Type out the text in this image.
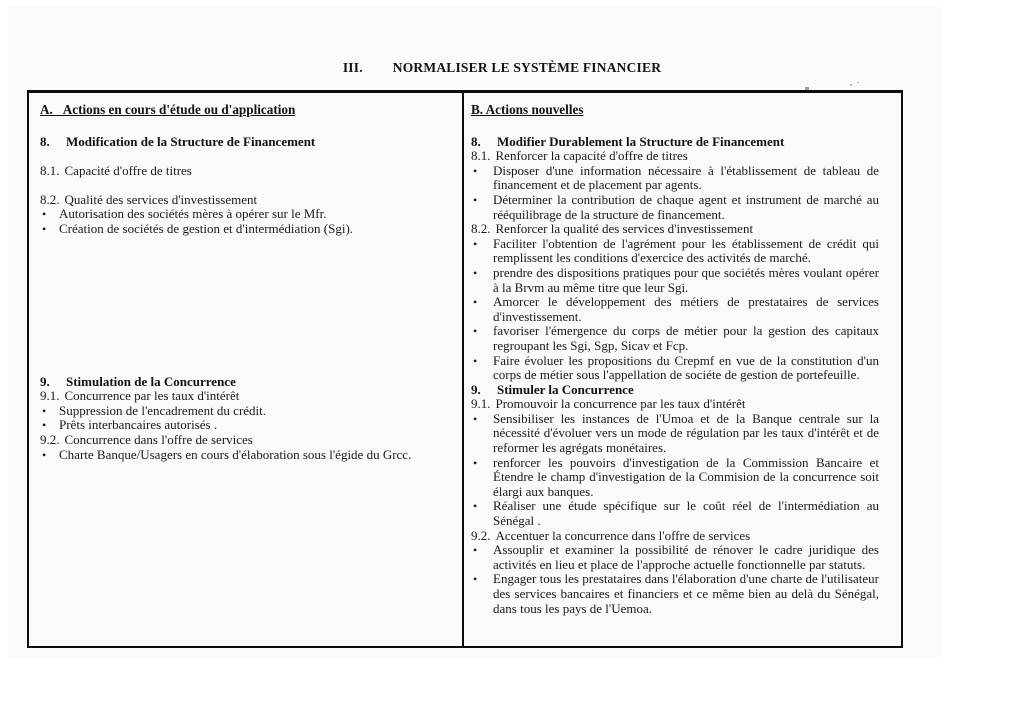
III. NORMALISER LE SYSTÈME FINANCIER
A.   Actions en cours d'étude ou d'application
8. Modification de la Structure de Financement
8.1. Capacité d'offre de titres
8.2. Qualité des services d'investissement
• Autorisation des sociétés mères à opérer sur le Mfr.
• Création de sociétés de gestion et d'intermédiation (Sgi).
9. Stimulation de la Concurrence
9.1. Concurrence par les taux d'intérêt
• Suppression de l'encadrement du crédit.
• Prêts interbancaires autorisés .
9.2. Concurrence dans l'offre de services
• Charte Banque/Usagers en cours d'élaboration sous l'égide du Grcc.
B. Actions nouvelles
8. Modifier Durablement la Structure de Financement
8.1. Renforcer la capacité d'offre de titres
•	Disposer d'une information nécessaire à l'établissement de tableau de financement et de placement par agents.
•	Déterminer la contribution de chaque agent et instrument de marché au rééquilibrage de la structure de financement.
8.2. Renforcer la qualité des services d'investissement
•	Faciliter l'obtention de l'agrément pour les établissement de crédit qui remplissent les conditions d'exercice des activités de marché.
•	prendre des dispositions pratiques pour que sociétés mères voulant opérer à la Brvm au même titre que leur Sgi.
•	Amorcer le développement des métiers de prestataires de services d'investissement.
•	favoriser l'émergence du corps de métier pour la gestion des capitaux regroupant les Sgi, Sgp, Sicav et Fcp.
•	Faire évoluer les propositions du Crepmf en vue de la constitution d'un corps de métier sous l'appellation de sociéte de gestion de portefeuille.
9. Stimuler la Concurrence
9.1. Promouvoir la concurrence par les taux d'intérêt
•	Sensibiliser les instances de l'Umoa et de la Banque centrale sur la nécessité d'évoluer vers un mode de régulation par les taux d'intérêt et de reformer les agrégats monétaires.
•	renforcer les pouvoirs d'investigation de la Commission Bancaire et Étendre le champ d'investigation de la Commision de la concurrence soit élargi aux banques.
•	Réaliser une étude spécifique sur le coût réel de l'intermédiation au Sénégal .
9.2. Accentuer la concurrence dans l'offre de services
•	Assouplir et examiner la possibilité de rénover le cadre juridique des activités en lieu et place de l'approche actuelle fonctionnelle par statuts.
•	Engager tous les prestataires dans l'élaboration d'une charte de l'utilisateur des services bancaires et financiers et ce même bien au delà du Sénégal, dans tous les pays de l'Uemoa.
